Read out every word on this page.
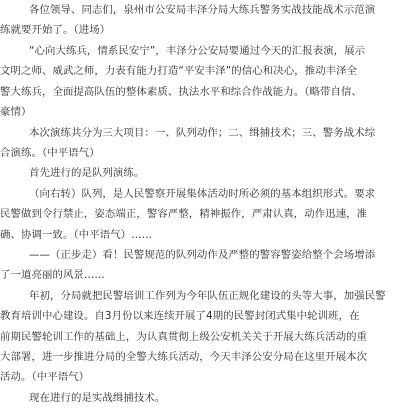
各位领导、同志们，泉州市公安局丰泽分局大练兵警务实战技能战术示范演
练就要开始了。（进场）
“心向大练兵，情系民安宁”，丰泽分公安局要通过今天的汇报表演，展示
文明之师、威武之师，力表有能力打造“平安丰泽”的信心和决心，推动丰泽全
警大练兵，全面提高队伍的整体素质、执法水平和综合作战能力。（略带自信、
豪情）
本次演练共分为三大项目：一、队列动作；二、缉捕技术；三、警务战术综
合演练。（中平语气）
首先进行的是队列演练。
（向右转）队列，是人民警察开展集体活动时所必须的基本组织形式。要求
民警做到令行禁止，姿态端正，警容严整，精神振作，严肃认真，动作迅速，准
确、协调一致。（中平语气）……
——（正步走）看！民警规范的队列动作及严整的警容警姿给整个会场增添
了一道亮丽的风景……
年初，分局就把民警培训工作列为今年队伍正规化建设的头等大事，加强民警
教育培训中心建设。自3月份以来连续开展了4期的民警封闭式集中轮训班，在
前期民警轮训工作的基础上，为认真贯彻上级公安机关关于开展大练兵活动的重
大部署，进一步推进分局的全警大练兵活动，今天丰泽公安分局在这里开展本次
活动。（中平语气）
现在进行的是实战缉捕技术。
